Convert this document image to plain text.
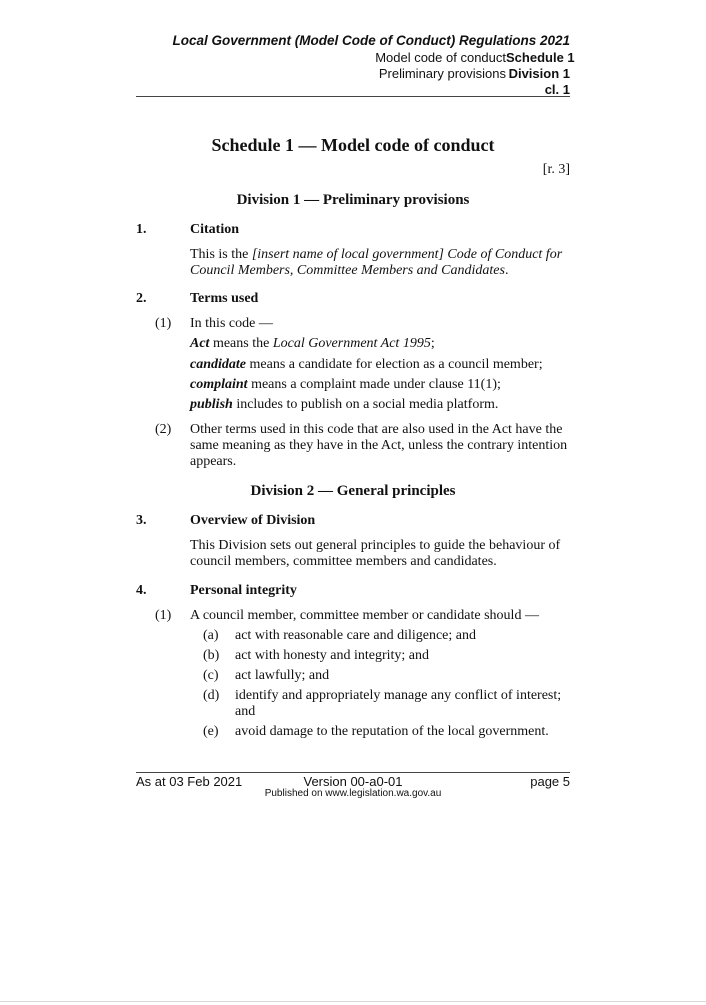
Local Government (Model Code of Conduct) Regulations 2021
Model code of conductSchedule 1
Preliminary provisions Division 1
cl. 1
Schedule 1 — Model code of conduct
[r. 3]
Division 1 — Preliminary provisions
1.	Citation
This is the [insert name of local government] Code of Conduct for Council Members, Committee Members and Candidates.
2.	Terms used
(1) In this code —
Act means the Local Government Act 1995;
candidate means a candidate for election as a council member;
complaint means a complaint made under clause 11(1);
publish includes to publish on a social media platform.
(2) Other terms used in this code that are also used in the Act have the same meaning as they have in the Act, unless the contrary intention appears.
Division 2 — General principles
3.	Overview of Division
This Division sets out general principles to guide the behaviour of council members, committee members and candidates.
4.	Personal integrity
(1) A council member, committee member or candidate should —
(a) act with reasonable care and diligence; and
(b) act with honesty and integrity; and
(c) act lawfully; and
(d) identify and appropriately manage any conflict of interest; and
(e) avoid damage to the reputation of the local government.
As at 03 Feb 2021	Version 00-a0-01	page 5
Published on www.legislation.wa.gov.au
